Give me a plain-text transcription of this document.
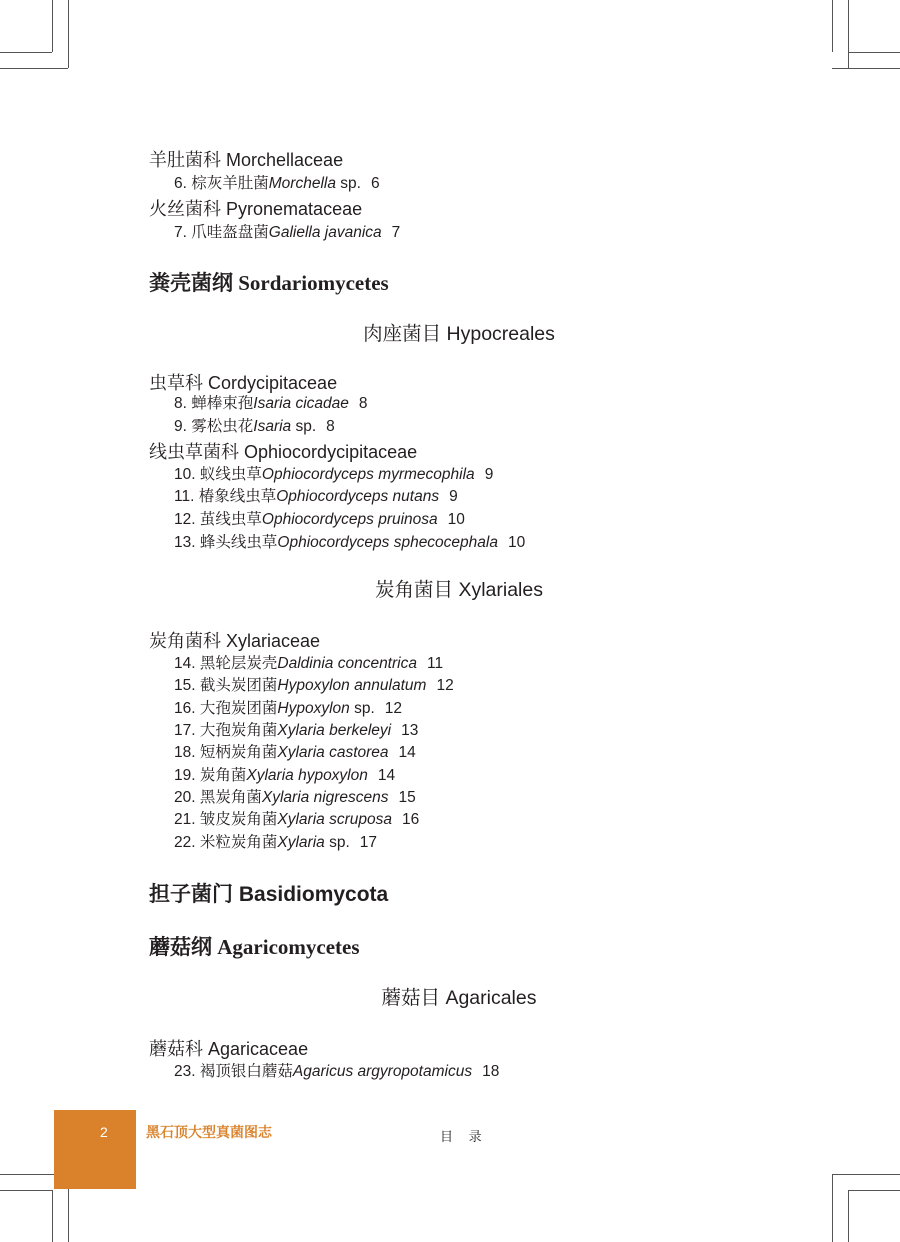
羊肚菌科 Morchellaceae
6. 棕灰羊肚菌Morchella sp. 6
火丝菌科 Pyronemataceae
7. 爪哇盔盘菌Galiella javanica 7
粪壳菌纲 Sordariomycetes
肉座菌目 Hypocreales
虫草科 Cordycipitaceae
8. 蝉棒束孢Isaria cicadae 8
9. 雾松虫花Isaria sp. 8
线虫草菌科 Ophiocordycipitaceae
10. 蚁线虫草Ophiocordyceps myrmecophila 9
11. 椿象线虫草Ophiocordyceps nutans 9
12. 茧线虫草Ophiocordyceps pruinosa 10
13. 蜂头线虫草Ophiocordyceps sphecocephala 10
炭角菌目 Xylariales
炭角菌科 Xylariaceae
14. 黑轮层炭壳Daldinia concentrica 11
15. 截头炭团菌Hypoxylon annulatum 12
16. 大孢炭团菌Hypoxylon sp. 12
17. 大孢炭角菌Xylaria berkeleyi 13
18. 短柄炭角菌Xylaria castorea 14
19. 炭角菌Xylaria hypoxylon 14
20. 黑炭角菌Xylaria nigrescens 15
21. 皱皮炭角菌Xylaria scruposa 16
22. 米粒炭角菌Xylaria sp. 17
担子菌门 Basidiomycota
蘑菇纲 Agaricomycetes
蘑菇目 Agaricales
蘑菇科 Agaricaceae
23. 褐顶银白蘑菇Agaricus argyropotamicus 18
2	黑石顶大型真菌图志	目 录
